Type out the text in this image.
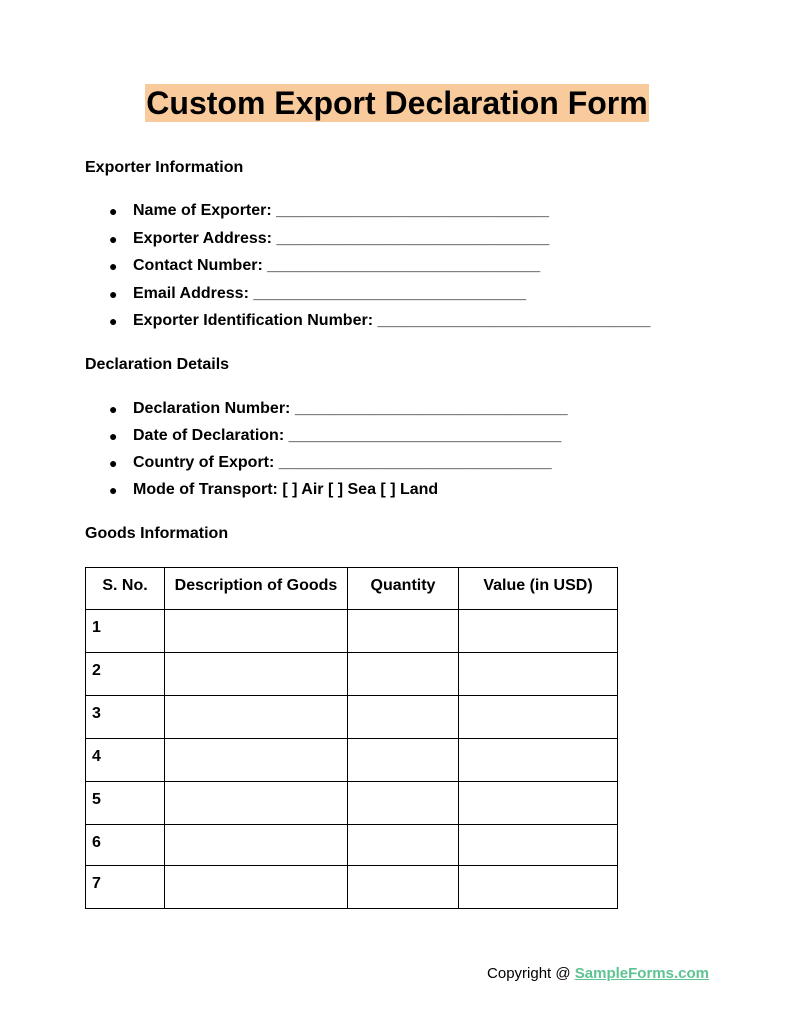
Custom Export Declaration Form
Exporter Information
● Name of Exporter: _______________________________
● Exporter Address: _______________________________
● Contact Number: _______________________________
● Email Address: _______________________________
● Exporter Identification Number: _______________________________
Declaration Details
● Declaration Number: _______________________________
● Date of Declaration: _______________________________
● Country of Export: _______________________________
● Mode of Transport: [ ] Air [ ] Sea [ ] Land
Goods Information
S. No.	Description of Goods	Quantity	Value (in USD)
1			
2			
3			
4			
5			
6			
7			
Copyright @ SampleForms.com
